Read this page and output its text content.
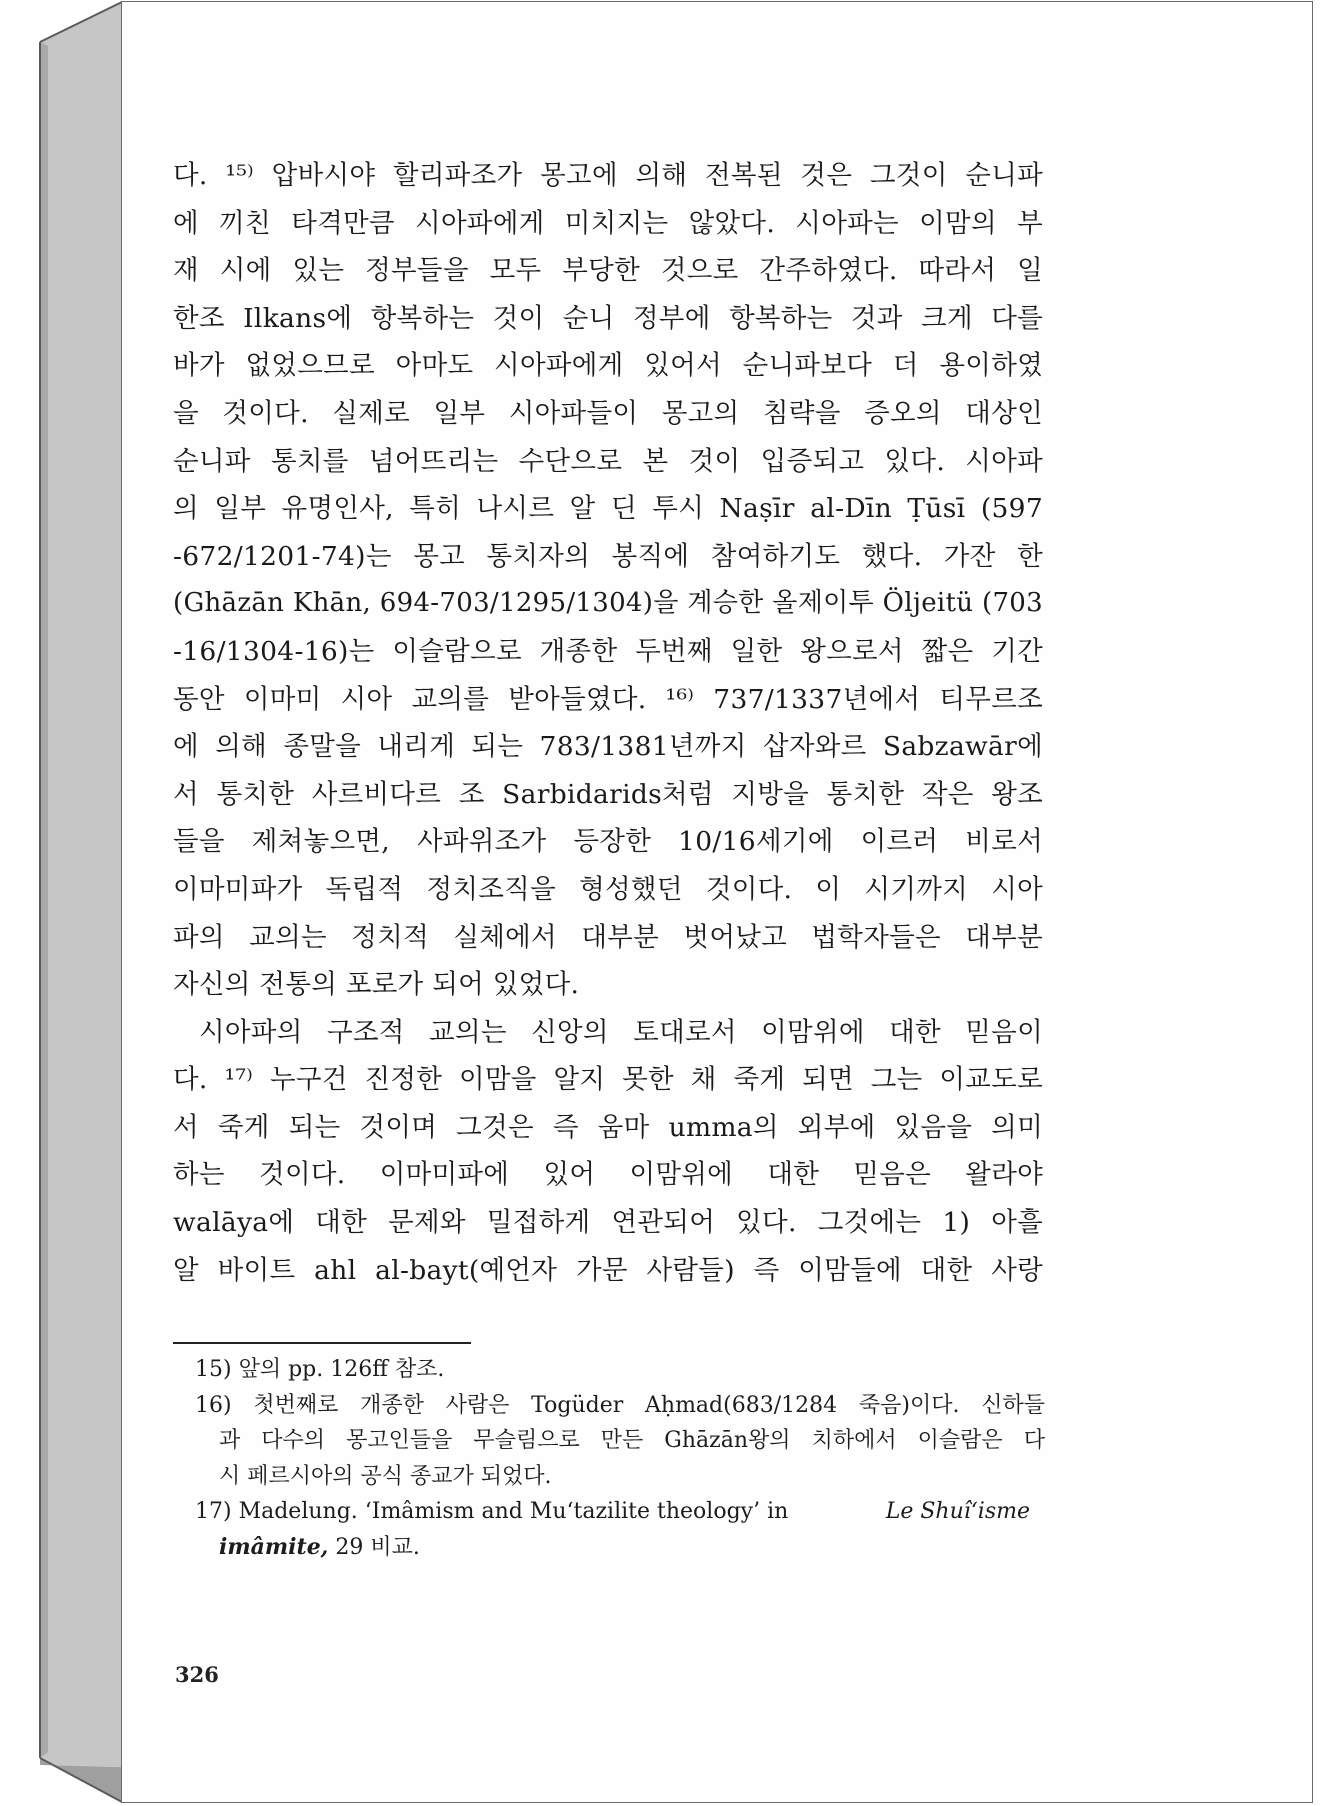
다. ¹⁵⁾ 압바시야 할리파조가 몽고에 의해 전복된 것은 그것이 순니파
에 끼친 타격만큼 시아파에게 미치지는 않았다. 시아파는 이맘의 부
재 시에 있는 정부들을 모두 부당한 것으로 간주하였다. 따라서 일
한조 Ilkans에 항복하는 것이 순니 정부에 항복하는 것과 크게 다를
바가 없었으므로 아마도 시아파에게 있어서 순니파보다 더 용이하였
을 것이다. 실제로 일부 시아파들이 몽고의 침략을 증오의 대상인
순니파 통치를 넘어뜨리는 수단으로 본 것이 입증되고 있다. 시아파
의 일부 유명인사, 특히 나시르 알 딘 투시 Naṣīr al-Dīn Ṭūsī (597
-672/1201-74)는 몽고 통치자의 봉직에 참여하기도 했다. 가잔 한
(Ghāzān Khān, 694-703/1295/1304)을 계승한 올제이투 Öljeitü (703
-16/1304-16)는 이슬람으로 개종한 두번째 일한 왕으로서 짧은 기간
동안 이마미 시아 교의를 받아들였다. ¹⁶⁾ 737/1337년에서 티무르조
에 의해 종말을 내리게 되는 783/1381년까지 삽자와르 Sabzawār에
서 통치한 사르비다르 조 Sarbidarids처럼 지방을 통치한 작은 왕조
들을 제쳐놓으면, 사파위조가 등장한 10/16세기에 이르러 비로서
이마미파가 독립적 정치조직을 형성했던 것이다. 이 시기까지 시아
파의 교의는 정치적 실체에서 대부분 벗어났고 법학자들은 대부분
자신의 전통의 포로가 되어 있었다.
시아파의 구조적 교의는 신앙의 토대로서 이맘위에 대한 믿음이
다. ¹⁷⁾ 누구건 진정한 이맘을 알지 못한 채 죽게 되면 그는 이교도로
서 죽게 되는 것이며 그것은 즉 움마 umma의 외부에 있음을 의미
하는 것이다. 이마미파에 있어 이맘위에 대한 믿음은 왈라야
walāya에 대한 문제와 밀접하게 연관되어 있다. 그것에는 1) 아흘
알 바이트 ahl al-bayt(예언자 가문 사람들) 즉 이맘들에 대한 사랑
15) 앞의 pp. 126ff 참조.
16) 첫번째로 개종한 사람은 Togüder Aḥmad(683/1284 죽음)이다. 신하들
과 다수의 몽고인들을 무슬림으로 만든 Ghāzān왕의 치하에서 이슬람은 다
시 페르시아의 공식 종교가 되었다.
17) Madelung. ‘Imâmism and Mu‘tazilite theology’ in	Le Shuî‘isme
imâmite, 29 비교.
326
